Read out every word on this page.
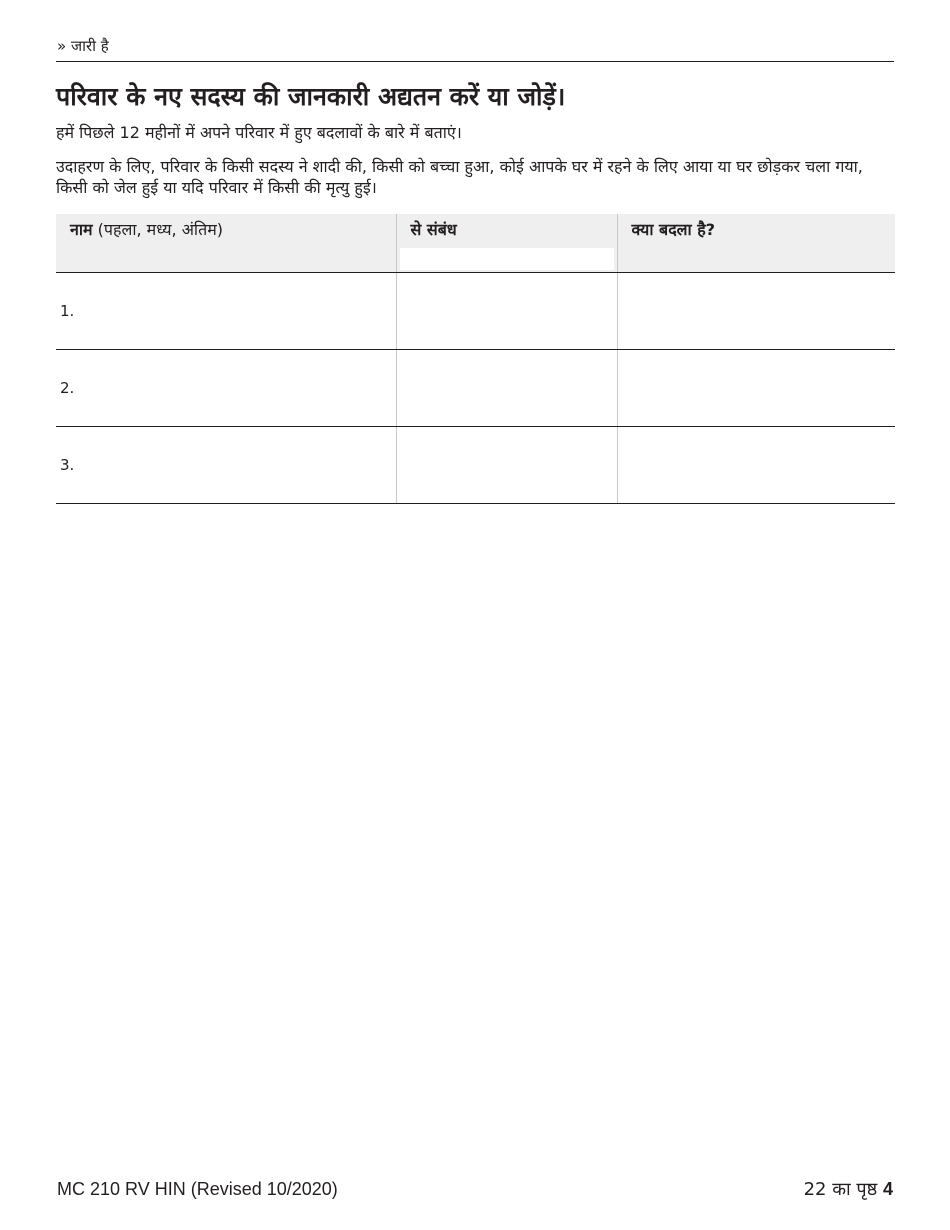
» जारी है
परिवार के नए सदस्य की जानकारी अद्यतन करें या जोड़ें।

हमें पिछले 12 महीनों में अपने परिवार में हुए बदलावों के बारे में बताएं।

उदाहरण के लिए, परिवार के किसी सदस्य ने शादी की, किसी को बच्चा हुआ, कोई आपके घर में रहने के लिए आया या घर छोड़कर चला गया, किसी को जेल हुई या यदि परिवार में किसी की मृत्यु हुई।

नाम (पहला, मध्य, अंतिम)	से संबंध	क्या बदला है?
1.		
2.		
3.		
MC 210 RV HIN (Revised 10/2020)	22 का पृष्ठ 4
